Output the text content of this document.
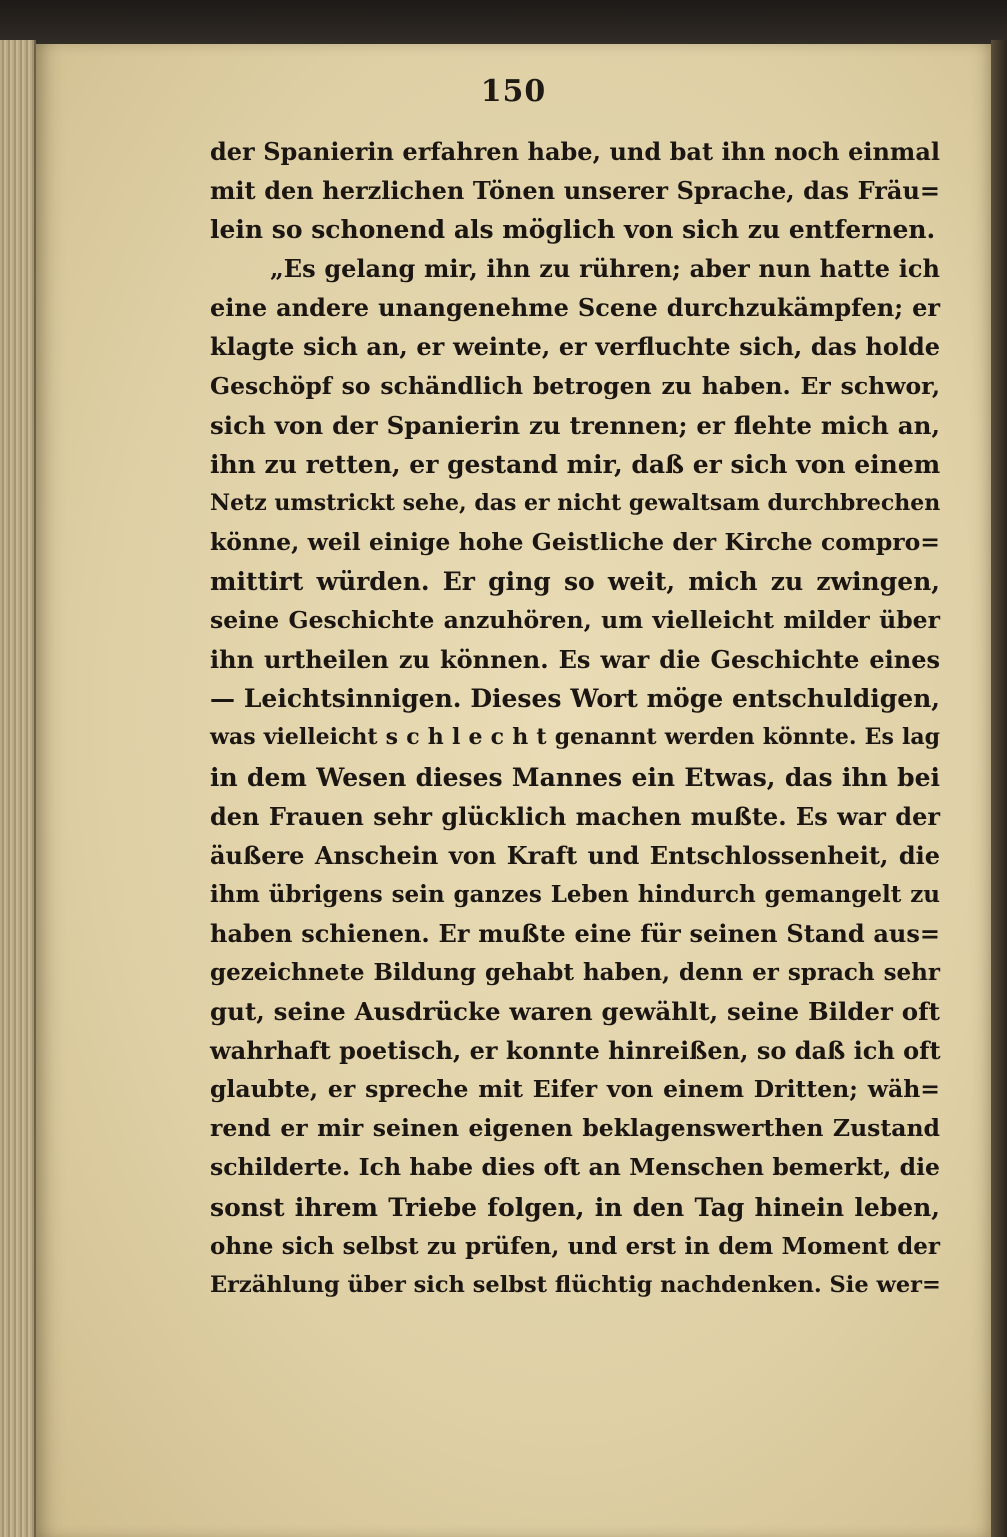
150
der Spanierin erfahren habe, und bat ihn noch einmal
mit den herzlichen Tönen unserer Sprache, das Fräu=
lein so schonend als möglich von sich zu entfernen.
„Es gelang mir, ihn zu rühren; aber nun hatte ich
eine andere unangenehme Scene durchzukämpfen; er
klagte sich an, er weinte, er verfluchte sich, das holde
Geschöpf so schändlich betrogen zu haben. Er schwor,
sich von der Spanierin zu trennen; er flehte mich an,
ihn zu retten, er gestand mir, daß er sich von einem
Netz umstrickt sehe, das er nicht gewaltsam durchbrechen
könne, weil einige hohe Geistliche der Kirche compro=
mittirt würden. Er ging so weit, mich zu zwingen,
seine Geschichte anzuhören, um vielleicht milder über
ihn urtheilen zu können. Es war die Geschichte eines
— Leichtsinnigen. Dieses Wort möge entschuldigen,
was vielleicht s c h l e c h t genannt werden könnte. Es lag
in dem Wesen dieses Mannes ein Etwas, das ihn bei
den Frauen sehr glücklich machen mußte. Es war der
äußere Anschein von Kraft und Entschlossenheit, die
ihm übrigens sein ganzes Leben hindurch gemangelt zu
haben schienen. Er mußte eine für seinen Stand aus=
gezeichnete Bildung gehabt haben, denn er sprach sehr
gut, seine Ausdrücke waren gewählt, seine Bilder oft
wahrhaft poetisch, er konnte hinreißen, so daß ich oft
glaubte, er spreche mit Eifer von einem Dritten; wäh=
rend er mir seinen eigenen beklagenswerthen Zustand
schilderte. Ich habe dies oft an Menschen bemerkt, die
sonst ihrem Triebe folgen, in den Tag hinein leben,
ohne sich selbst zu prüfen, und erst in dem Moment der
Erzählung über sich selbst flüchtig nachdenken. Sie wer=
